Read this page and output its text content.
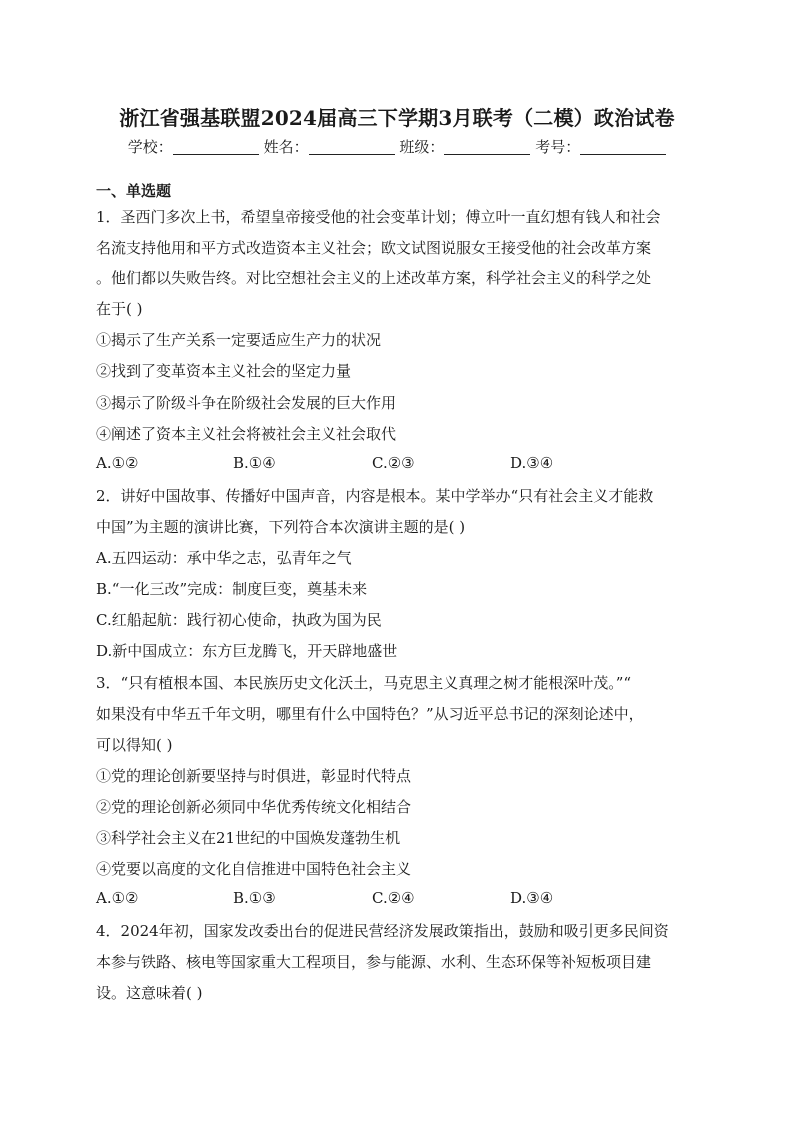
浙江省强基联盟2024届高三下学期3月联考（二模）政治试卷
学校：	姓名：	班级：	考号：
一、单选题
1．圣西门多次上书，希望皇帝接受他的社会变革计划；傅立叶一直幻想有钱人和社会
名流支持他用和平方式改造资本主义社会；欧文试图说服女王接受他的社会改革方案
。他们都以失败告终。对比空想社会主义的上述改革方案，科学社会主义的科学之处
在于( )
①揭示了生产关系一定要适应生产力的状况
②找到了变革资本主义社会的坚定力量
③揭示了阶级斗争在阶级社会发展的巨大作用
④阐述了资本主义社会将被社会主义社会取代
A.①②	B.①④	C.②③	D.③④
2．讲好中国故事、传播好中国声音，内容是根本。某中学举办“只有社会主义才能救
中国”为主题的演讲比赛，下列符合本次演讲主题的是( )
A.五四运动：承中华之志，弘青年之气
B.“一化三改”完成：制度巨变，奠基未来
C.红船起航：践行初心使命，执政为国为民
D.新中国成立：东方巨龙腾飞，开天辟地盛世
3．“只有植根本国、本民族历史文化沃土，马克思主义真理之树才能根深叶茂。”“
如果没有中华五千年文明，哪里有什么中国特色？”从习近平总书记的深刻论述中，
可以得知( )
①党的理论创新要坚持与时俱进，彰显时代特点
②党的理论创新必须同中华优秀传统文化相结合
③科学社会主义在21世纪的中国焕发蓬勃生机
④党要以高度的文化自信推进中国特色社会主义
A.①②	B.①③	C.②④	D.③④
4．2024年初，国家发改委出台的促进民营经济发展政策指出，鼓励和吸引更多民间资
本参与铁路、核电等国家重大工程项目，参与能源、水利、生态环保等补短板项目建
设。这意味着( )
